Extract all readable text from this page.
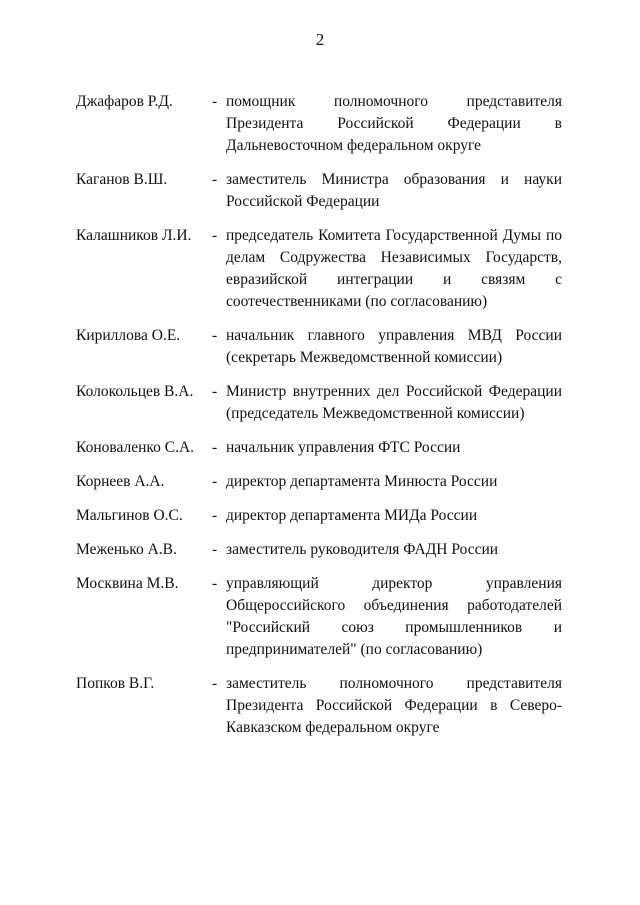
2
Джафаров Р.Д.	- помощник полномочного представителя Президента Российской Федерации в Дальневосточном федеральном округе
Каганов В.Ш.	- заместитель Министра образования и науки Российской Федерации
Калашников Л.И.	- председатель Комитета Государственной Думы по делам Содружества Независимых Государств, евразийской интеграции и связям с соотечественниками (по согласованию)
Кириллова О.Е.	- начальник главного управления МВД России (секретарь Межведомственной комиссии)
Колокольцев В.А.	- Министр внутренних дел Российской Федерации (председатель Межведомственной комиссии)
Коноваленко С.А.	- начальник управления ФТС России
Корнеев А.А.	- директор департамента Минюста России
Мальгинов О.С.	- директор департамента МИДа России
Меженько А.В.	- заместитель руководителя ФАДН России
Москвина М.В.	- управляющий директор управления Общероссийского объединения работодателей "Российский союз промышленников и предпринимателей" (по согласованию)
Попков В.Г.	- заместитель полномочного представителя Президента Российской Федерации в Северо-Кавказском федеральном округе
